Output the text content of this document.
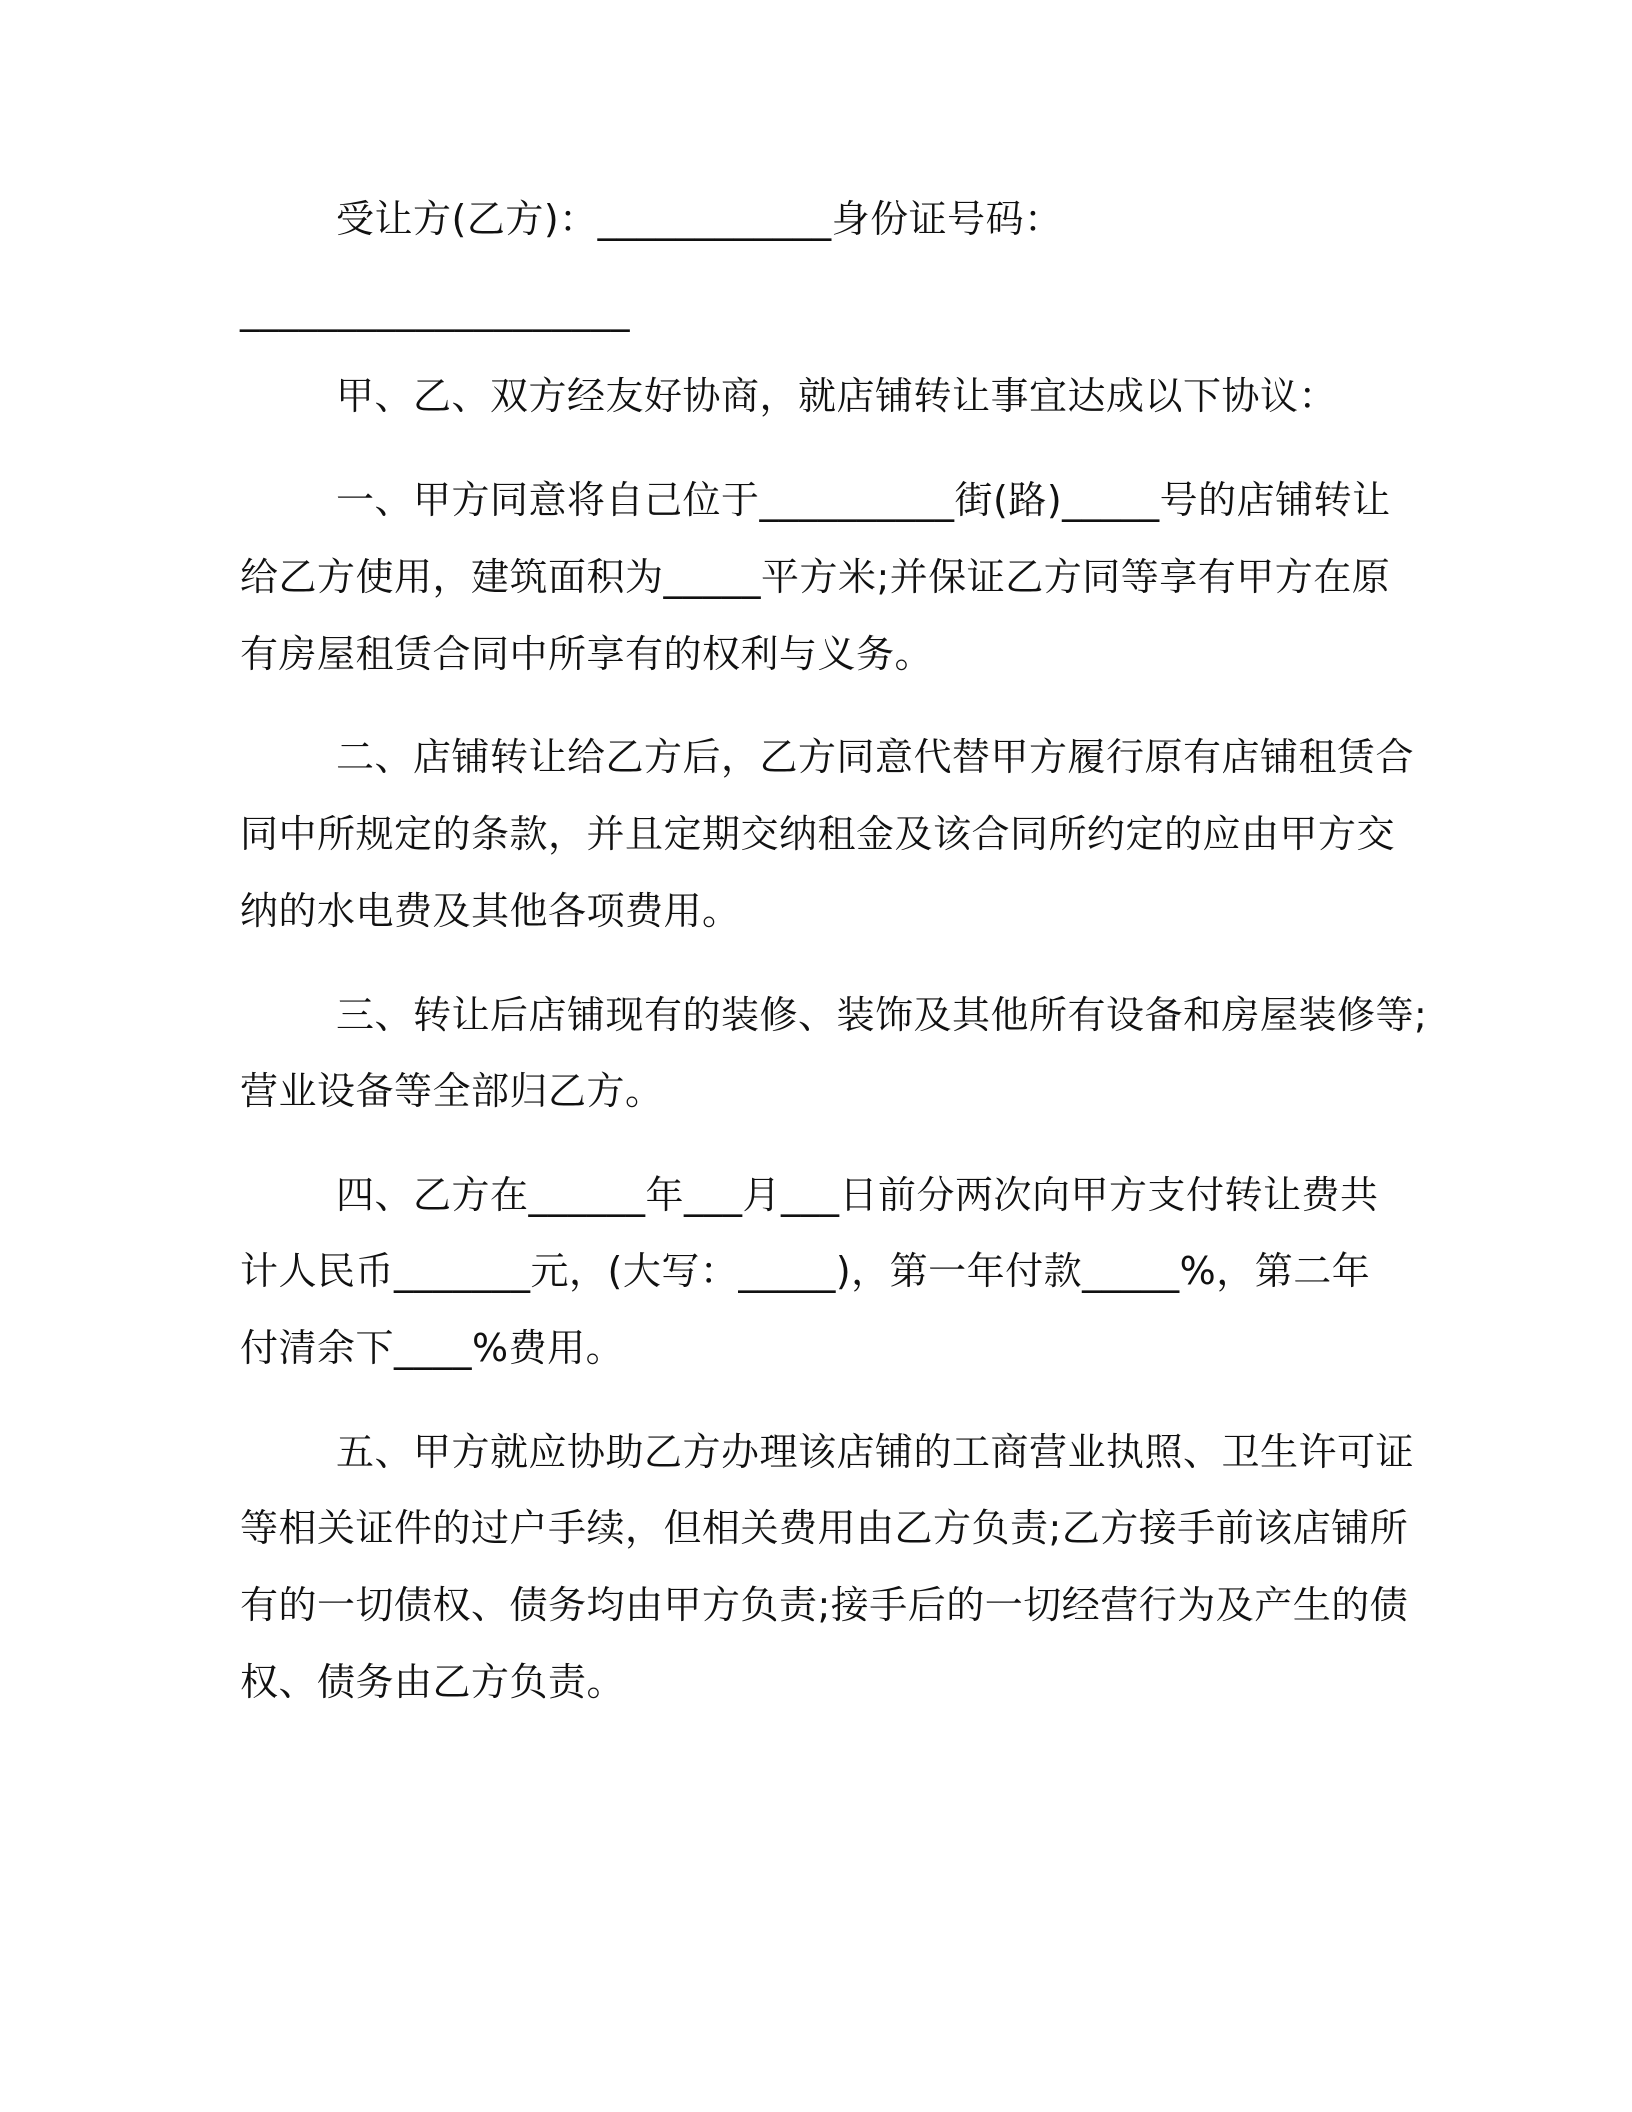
受让方(乙方)：____________身份证号码：
____________________
甲、乙、双方经友好协商，就店铺转让事宜达成以下协议：
一、甲方同意将自己位于__________街(路)_____号的店铺转让
给乙方使用，建筑面积为_____平方米;并保证乙方同等享有甲方在原
有房屋租赁合同中所享有的权利与义务。
二、店铺转让给乙方后，乙方同意代替甲方履行原有店铺租赁合
同中所规定的条款，并且定期交纳租金及该合同所约定的应由甲方交
纳的水电费及其他各项费用。
三、转让后店铺现有的装修、装饰及其他所有设备和房屋装修等;
营业设备等全部归乙方。
四、乙方在______年___月___日前分两次向甲方支付转让费共
计人民币_______元，(大写：_____)，第一年付款_____%，第二年
付清余下____%费用。
五、甲方就应协助乙方办理该店铺的工商营业执照、卫生许可证
等相关证件的过户手续，但相关费用由乙方负责;乙方接手前该店铺所
有的一切债权、债务均由甲方负责;接手后的一切经营行为及产生的债
权、债务由乙方负责。
